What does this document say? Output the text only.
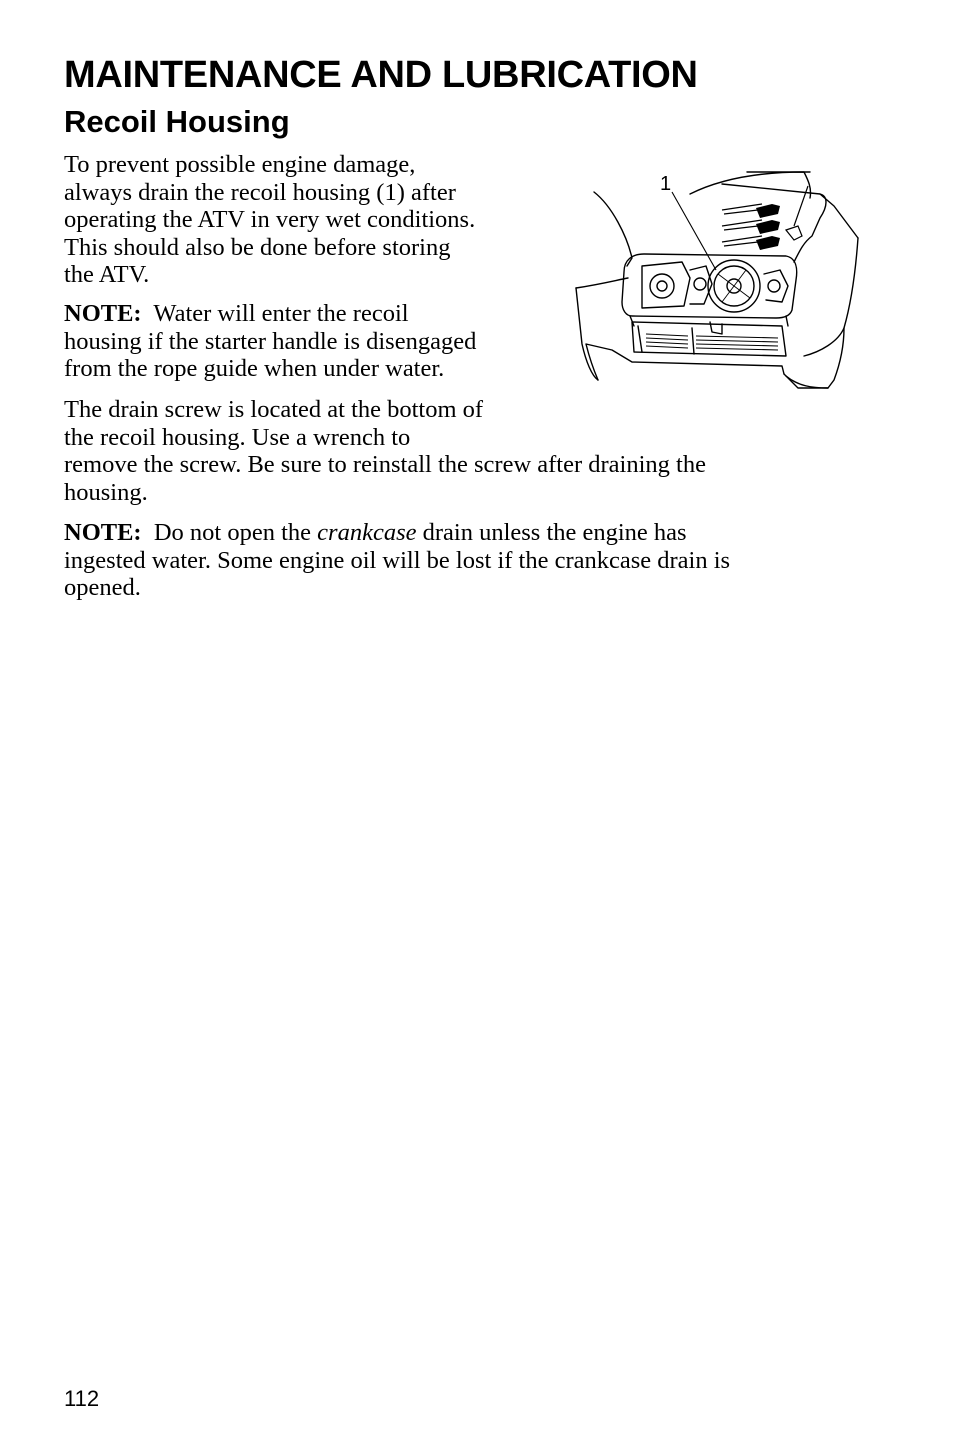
MAINTENANCE AND LUBRICATION
Recoil Housing

To prevent possible engine damage,
always drain the recoil housing (1) after
operating the ATV in very wet conditions.
This should also be done before storing
the ATV.

NOTE: Water will enter the recoil
housing if the starter handle is disengaged
from the rope guide when under water.

The drain screw is located at the bottom of
the recoil housing. Use a wrench to
remove the screw. Be sure to reinstall the screw after draining the
housing.

NOTE: Do not open the crankcase drain unless the engine has
ingested water. Some engine oil will be lost if the crankcase drain is
opened.

1
112
